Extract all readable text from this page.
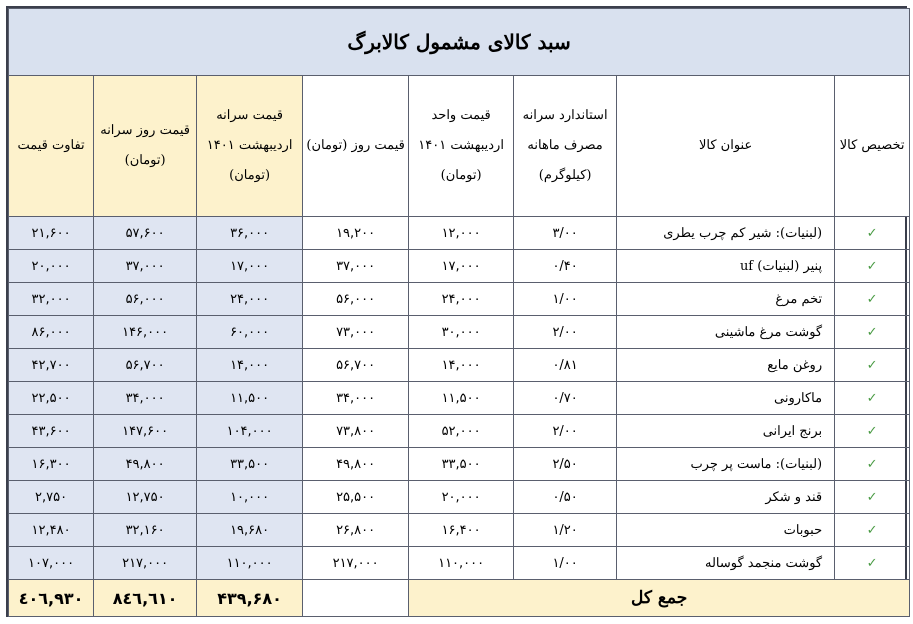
سبد کالای مشمول کالابرگ							
تخصیص کالا	عنوان کالا	استاندارد سرانه مصرف ماهانه (کیلوگرم)	قیمت واحد اردیبهشت ۱۴۰۱ (تومان)	قیمت روز (تومان)	قیمت سرانه اردیبهشت ۱۴۰۱ (تومان)	قیمت روز سرانه (تومان)	تفاوت قیمت
✓	(لبنیات): شیر کم چرب یطری	۳/۰۰	۱۲,۰۰۰	۱۹,۲۰۰	۳۶,۰۰۰	۵۷,۶۰۰	۲۱,۶۰۰
✓	پنیر (لبنیات) uf	۰/۴۰	۱۷,۰۰۰	۳۷,۰۰۰	۱۷,۰۰۰	۳۷,۰۰۰	۲۰,۰۰۰
✓	تخم مرغ	۱/۰۰	۲۴,۰۰۰	۵۶,۰۰۰	۲۴,۰۰۰	۵۶,۰۰۰	۳۲,۰۰۰
✓	گوشت مرغ ماشینی	۲/۰۰	۳۰,۰۰۰	۷۳,۰۰۰	۶۰,۰۰۰	۱۴۶,۰۰۰	۸۶,۰۰۰
✓	روغن مایع	۰/۸۱	۱۴,۰۰۰	۵۶,۷۰۰	۱۴,۰۰۰	۵۶,۷۰۰	۴۲,۷۰۰
✓	ماکارونی	۰/۷۰	۱۱,۵۰۰	۳۴,۰۰۰	۱۱,۵۰۰	۳۴,۰۰۰	۲۲,۵۰۰
✓	برنج ایرانی	۲/۰۰	۵۲,۰۰۰	۷۳,۸۰۰	۱۰۴,۰۰۰	۱۴۷,۶۰۰	۴۳,۶۰۰
✓	(لبنیات): ماست پر چرب	۲/۵۰	۳۳,۵۰۰	۴۹,۸۰۰	۳۳,۵۰۰	۴۹,۸۰۰	۱۶,۳۰۰
✓	قند و شکر	۰/۵۰	۲۰,۰۰۰	۲۵,۵۰۰	۱۰,۰۰۰	۱۲,۷۵۰	۲,۷۵۰
✓	حبوبات	۱/۲۰	۱۶,۴۰۰	۲۶,۸۰۰	۱۹,۶۸۰	۳۲,۱۶۰	۱۲,۴۸۰
✓	گوشت منجمد گوساله	۱/۰۰	۱۱۰,۰۰۰	۲۱۷,۰۰۰	۱۱۰,۰۰۰	۲۱۷,۰۰۰	۱۰۷,۰۰۰
جمع کل					۴۳۹,۶۸۰	۸٤٦,٦١٠	٤٠٦,٩٣٠
